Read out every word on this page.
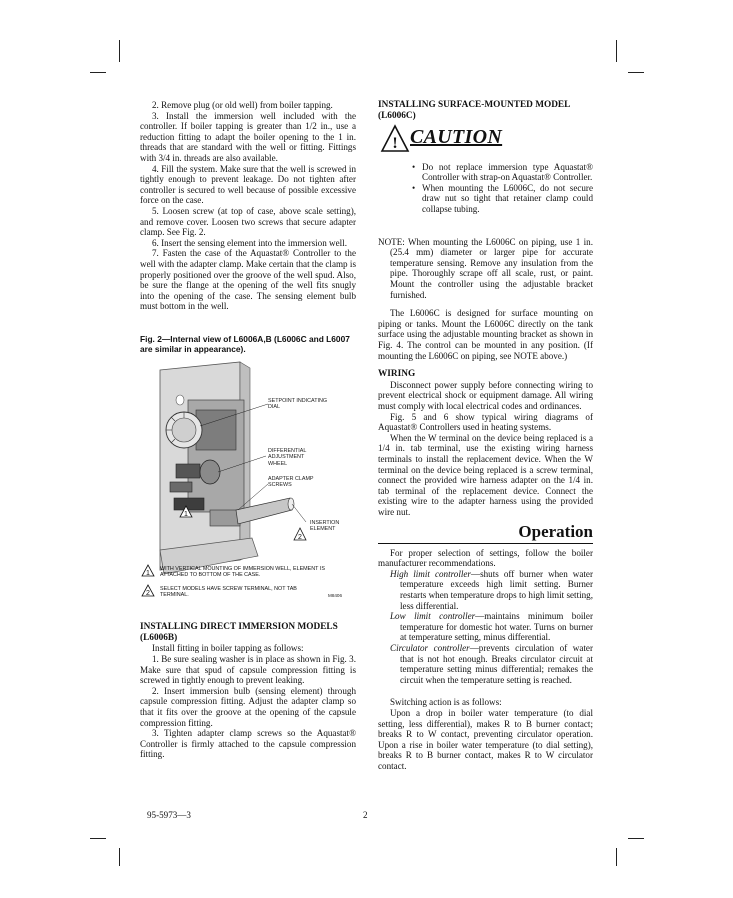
2. Remove plug (or old well) from boiler tapping.

3. Install the immersion well included with the controller. If boiler tapping is greater than 1/2 in., use a reduction fitting to adapt the boiler opening to the 1 in. threads that are standard with the well or fitting. Fittings with 3/4 in. threads are also available.

4. Fill the system. Make sure that the well is screwed in tightly enough to prevent leakage. Do not tighten after controller is secured to well because of possible excessive force on the case.

5. Loosen screw (at top of case, above scale setting), and remove cover. Loosen two screws that secure adapter clamp. See Fig. 2.

6. Insert the sensing element into the immersion well.

7. Fasten the case of the Aquastat® Controller to the well with the adapter clamp. Make certain that the clamp is properly positioned over the groove of the well spud. Also, be sure the flange at the opening of the well fits snugly into the opening of the case. The sensing element bulb must bottom in the well.

Fig. 2—Internal view of L6006A,B (L6006C and L6007 are similar in appearance).

1
2
1
2
SETPOINT INDICATING DIAL
DIFFERENTIAL ADJUSTMENT WHEEL
ADAPTER CLAMP SCREWS
INSERTION ELEMENT
WITH VERTICAL MOUNTING OF IMMERSION WELL, ELEMENT IS ATTACHED TO BOTTOM OF THE CASE.
SELECT MODELS HAVE SCREW TERMINAL, NOT TAB TERMINAL.	M8406

INSTALLING DIRECT IMMERSION MODELS (L6006B)

Install fitting in boiler tapping as follows:

1. Be sure sealing washer is in place as shown in Fig. 3. Make sure that spud of capsule compression fitting is screwed in tightly enough to prevent leaking.

2. Insert immersion bulb (sensing element) through capsule compression fitting. Adjust the adapter clamp so that it fits over the groove at the opening of the capsule compression fitting.

3. Tighten adapter clamp screws so the Aquastat® Controller is firmly attached to the capsule compression fitting.

INSTALLING SURFACE-MOUNTED MODEL (L6006C)

! CAUTION
• Do not replace immersion type Aquastat® Controller with strap-on Aquastat® Controller.
• When mounting the L6006C, do not secure draw nut so tight that retainer clamp could collapse tubing.

NOTE: When mounting the L6006C on piping, use 1 in. (25.4 mm) diameter or larger pipe for accurate temperature sensing. Remove any insulation from the pipe. Thoroughly scrape off all scale, rust, or paint. Mount the controller using the adjustable bracket furnished.

The L6006C is designed for surface mounting on piping or tanks. Mount the L6006C directly on the tank surface using the adjustable mounting bracket as shown in Fig. 4. The control can be mounted in any position. (If mounting the L6006C on piping, see NOTE above.)

WIRING

Disconnect power supply before connecting wiring to prevent electrical shock or equipment damage. All wiring must comply with local electrical codes and ordinances.

Fig. 5 and 6 show typical wiring diagrams of Aquastat® Controllers used in heating systems.

When the W terminal on the device being replaced is a 1/4 in. tab terminal, use the existing wiring harness terminals to install the replacement device. When the W terminal on the device being replaced is a screw terminal, connect the provided wire harness adapter on the 1/4 in. tab terminal of the replacement device. Connect the existing wire to the adapter harness using the provided wire nut.

Operation

For proper selection of settings, follow the boiler manufacturer recommendations.

High limit controller—shuts off burner when water temperature exceeds high limit setting. Burner restarts when temperature drops to high limit setting, less differential.

Low limit controller—maintains minimum boiler temperature for domestic hot water. Turns on burner at temperature setting, minus differential.

Circulator controller—prevents circulation of water that is not hot enough. Breaks circulator circuit at temperature setting minus differential; remakes the circuit when the temperature setting is reached.

Switching action is as follows:

Upon a drop in boiler water temperature (to dial setting, less differential), makes R to B burner contact; breaks R to W contact, preventing circulator operation. Upon a rise in boiler water temperature (to dial setting), breaks R to B burner contact, makes R to W circulator contact.

95-5973—3	2
